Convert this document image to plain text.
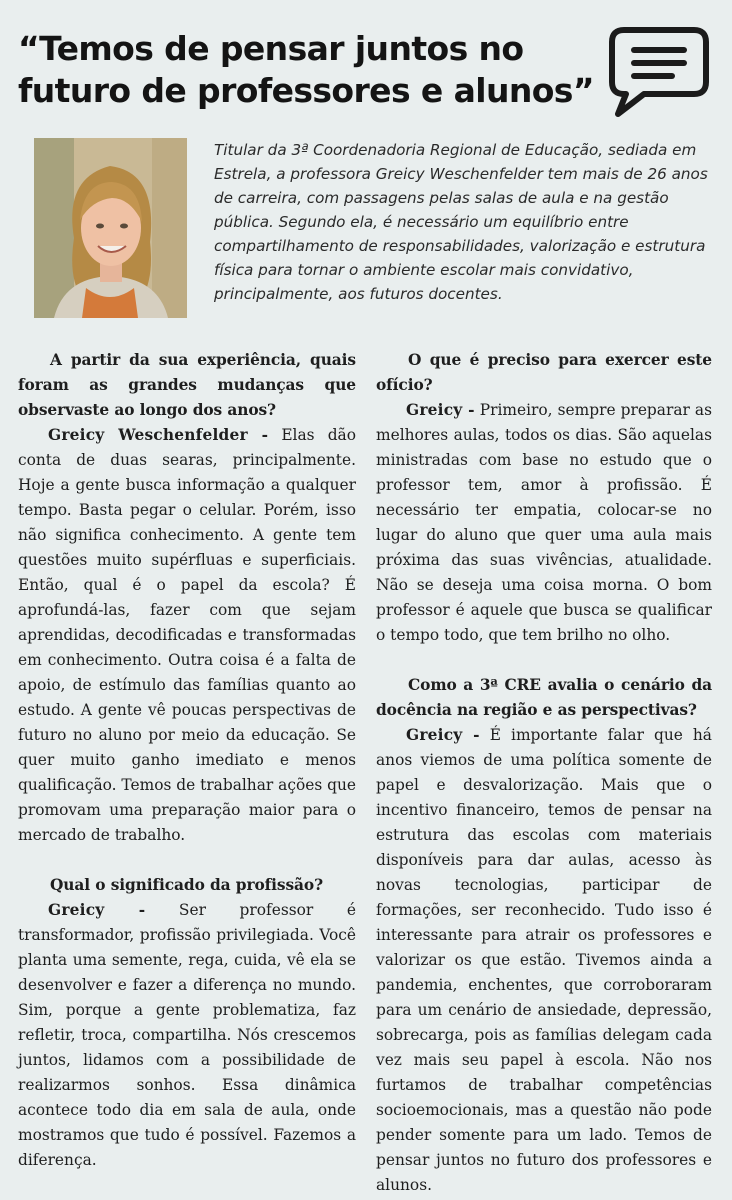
“Temos de pensar juntos no futuro de professores e alunos”

Titular da 3ª Coordenadoria Regional de Educação, sediada em Estrela, a professora Greicy Weschenfelder tem mais de 26 anos de carreira, com passagens pelas salas de aula e na gestão pública. Segundo ela, é necessário um equilíbrio entre compartilhamento de responsabilidades, valorização e estrutura física para tornar o ambiente escolar mais convidativo, principalmente, aos futuros docentes.

A partir da sua experiência, quais foram as grandes mudanças que observaste ao longo dos anos?

Greicy Weschenfelder - Elas dão conta de duas searas, principalmente. Hoje a gente busca informação a qualquer tempo. Basta pegar o celular. Porém, isso não significa conhecimento. A gente tem questões muito supérfluas e superficiais. Então, qual é o papel da escola? É aprofundá-las, fazer com que sejam aprendidas, decodificadas e transformadas em conhecimento. Outra coisa é a falta de apoio, de estímulo das famílias quanto ao estudo. A gente vê poucas perspectivas de futuro no aluno por meio da educação. Se quer muito ganho imediato e menos qualificação. Temos de trabalhar ações que promovam uma preparação maior para o mercado de trabalho.

Qual o significado da profissão?

Greicy - Ser professor é transformador, profissão privilegiada. Você planta uma semente, rega, cuida, vê ela se desenvolver e fazer a diferença no mundo. Sim, porque a gente problematiza, faz refletir, troca, compartilha. Nós crescemos juntos, lidamos com a possibilidade de realizarmos sonhos. Essa dinâmica acontece todo dia em sala de aula, onde mostramos que tudo é possível. Fazemos a diferença.

O que é preciso para exercer este ofício?

Greicy - Primeiro, sempre preparar as melhores aulas, todos os dias. São aquelas ministradas com base no estudo que o professor tem, amor à profissão. É necessário ter empatia, colocar-se no lugar do aluno que quer uma aula mais próxima das suas vivências, atualidade. Não se deseja uma coisa morna. O bom professor é aquele que busca se qualificar o tempo todo, que tem brilho no olho.

Como a 3ª CRE avalia o cenário da docência na região e as perspectivas?

Greicy - É importante falar que há anos viemos de uma política somente de papel e desvalorização. Mais que o incentivo financeiro, temos de pensar na estrutura das escolas com materiais disponíveis para dar aulas, acesso às novas tecnologias, participar de formações, ser reconhecido. Tudo isso é interessante para atrair os professores e valorizar os que estão. Tivemos ainda a pandemia, enchentes, que corroboraram para um cenário de ansiedade, depressão, sobrecarga, pois as famílias delegam cada vez mais seu papel à escola. Não nos furtamos de trabalhar competências socioemocionais, mas a questão não pode pender somente para um lado. Temos de pensar juntos no futuro dos professores e alunos.
